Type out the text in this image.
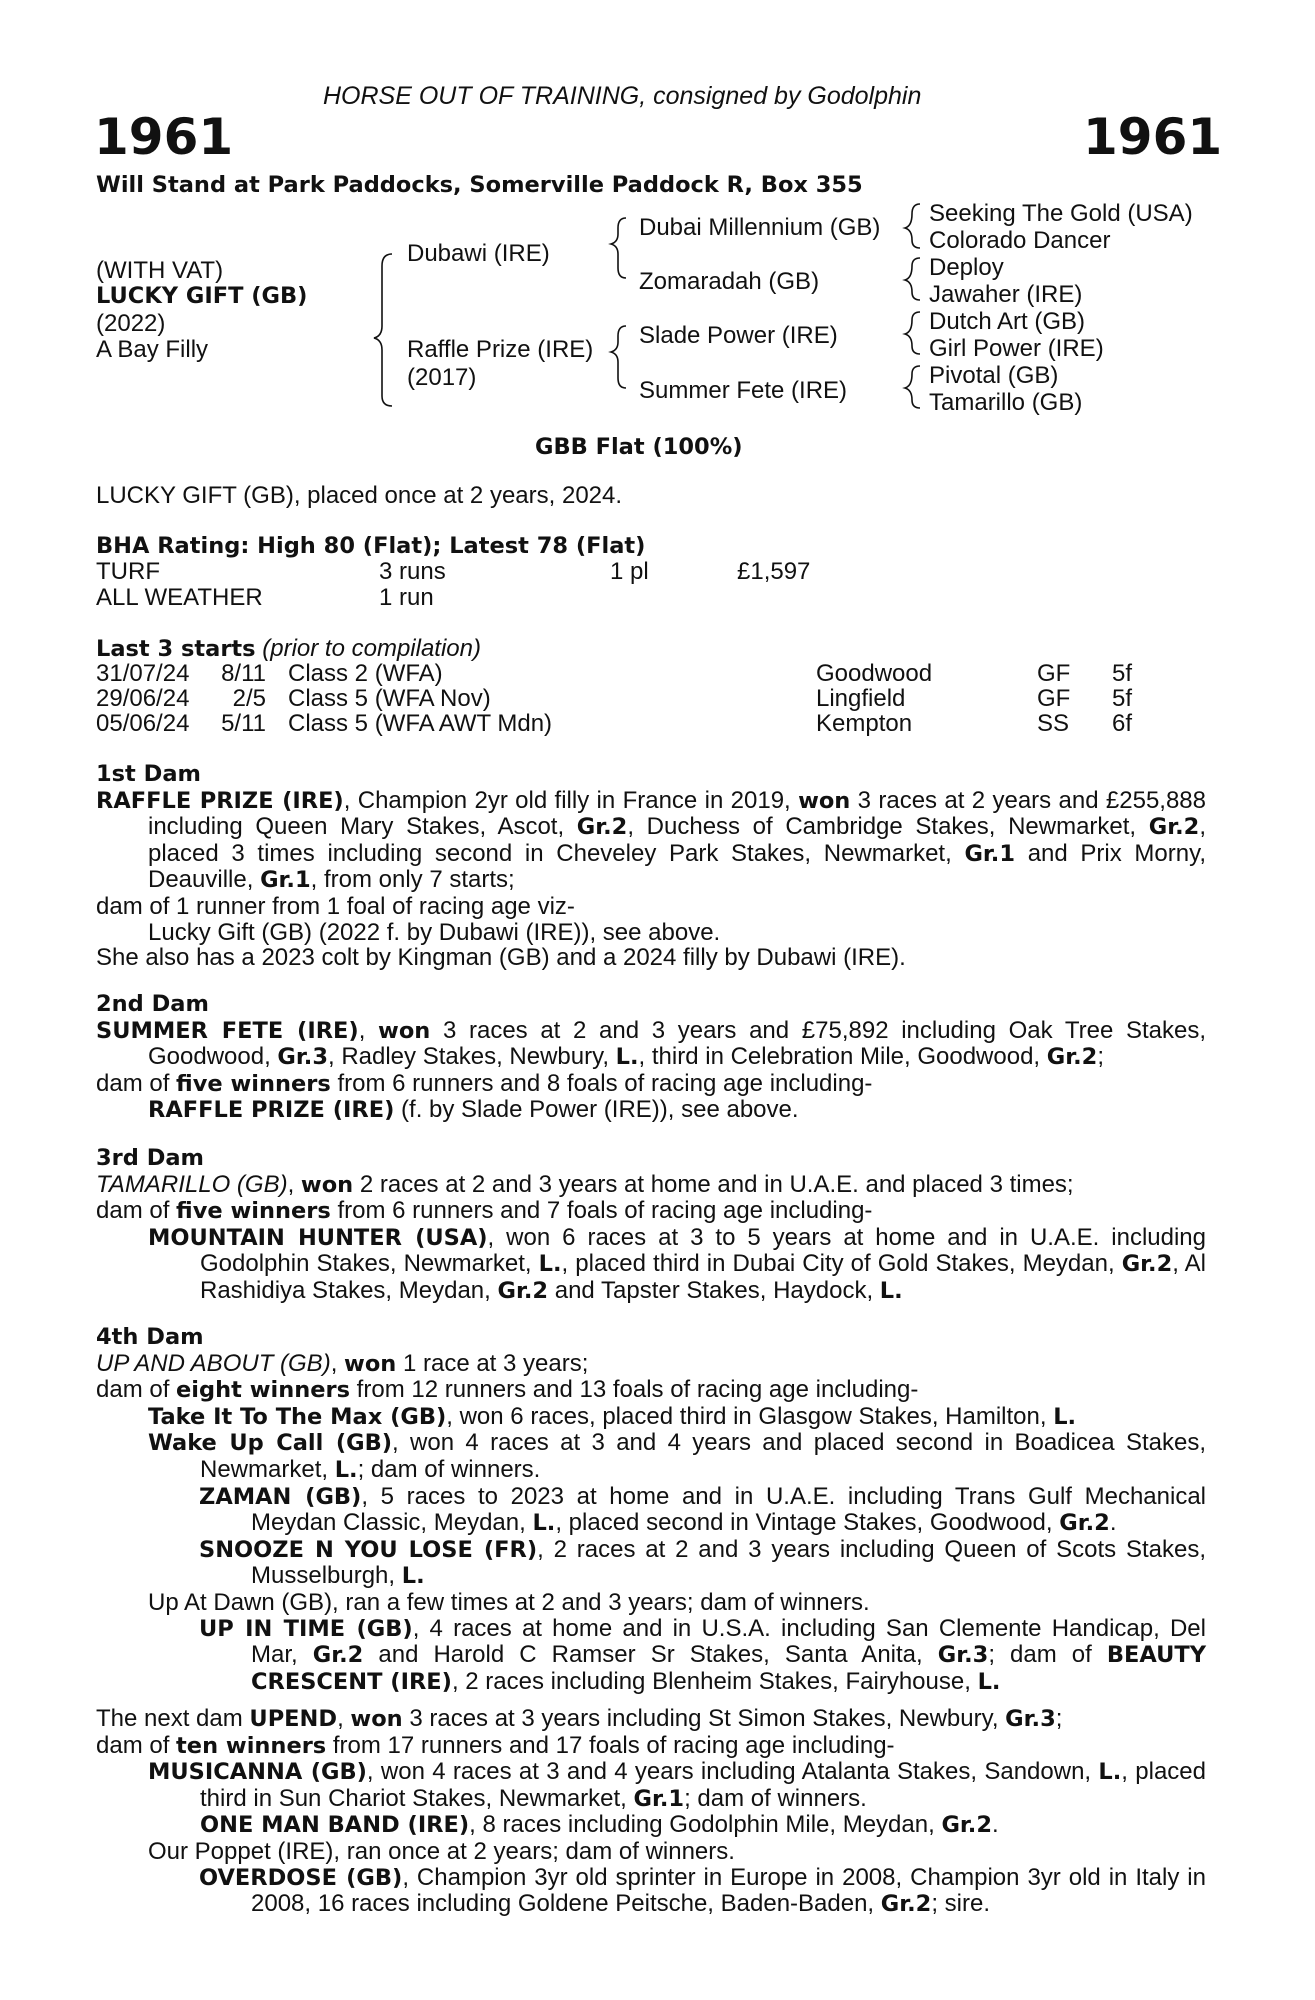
HORSE OUT OF TRAINING, consigned by Godolphin
1961	1961
Will Stand at Park Paddocks, Somerville Paddock R, Box 355
(WITH VAT)
LUCKY GIFT (GB)
(2022)
A Bay Filly
Dubawi (IRE)
Raffle Prize (IRE)
(2017)
Dubai Millennium (GB)
Zomaradah (GB)
Slade Power (IRE)
Summer Fete (IRE)
Seeking The Gold (USA)
Colorado Dancer
Deploy
Jawaher (IRE)
Dutch Art (GB)
Girl Power (IRE)
Pivotal (GB)
Tamarillo (GB)
GBB Flat (100%)
LUCKY GIFT (GB), placed once at 2 years, 2024.
BHA Rating: High 80 (Flat); Latest 78 (Flat)
TURF	3 runs	1 pl	£1,597
ALL WEATHER	1 run
Last 3 starts (prior to compilation)
31/07/24	8/11 Class 2 (WFA)	Goodwood	GF 5f
29/06/24	2/5 Class 5 (WFA Nov)	Lingfield	GF 5f
05/06/24	5/11 Class 5 (WFA AWT Mdn)	Kempton	SS 6f

1st Dam

RAFFLE PRIZE (IRE), Champion 2yr old filly in France in 2019, won 3 races at 2 years and £255,888 including Queen Mary Stakes, Ascot, Gr.2, Duchess of Cambridge Stakes, Newmarket, Gr.2, placed 3 times including second in Cheveley Park Stakes, Newmarket, Gr.1 and Prix Morny, Deauville, Gr.1, from only 7 starts;

dam of 1 runner from 1 foal of racing age viz-

Lucky Gift (GB) (2022 f. by Dubawi (IRE)), see above.

She also has a 2023 colt by Kingman (GB) and a 2024 filly by Dubawi (IRE).

2nd Dam

SUMMER FETE (IRE), won 3 races at 2 and 3 years and £75,892 including Oak Tree Stakes, Goodwood, Gr.3, Radley Stakes, Newbury, L., third in Celebration Mile, Goodwood, Gr.2;

dam of five winners from 6 runners and 8 foals of racing age including-

RAFFLE PRIZE (IRE) (f. by Slade Power (IRE)), see above.

3rd Dam

TAMARILLO (GB), won 2 races at 2 and 3 years at home and in U.A.E. and placed 3 times;

dam of five winners from 6 runners and 7 foals of racing age including-

MOUNTAIN HUNTER (USA), won 6 races at 3 to 5 years at home and in U.A.E. including Godolphin Stakes, Newmarket, L., placed third in Dubai City of Gold Stakes, Meydan, Gr.2, Al Rashidiya Stakes, Meydan, Gr.2 and Tapster Stakes, Haydock, L.

4th Dam

UP AND ABOUT (GB), won 1 race at 3 years;

dam of eight winners from 12 runners and 13 foals of racing age including-

Take It To The Max (GB), won 6 races, placed third in Glasgow Stakes, Hamilton, L.

Wake Up Call (GB), won 4 races at 3 and 4 years and placed second in Boadicea Stakes, Newmarket, L.; dam of winners.

ZAMAN (GB), 5 races to 2023 at home and in U.A.E. including Trans Gulf Mechanical Meydan Classic, Meydan, L., placed second in Vintage Stakes, Goodwood, Gr.2.

SNOOZE N YOU LOSE (FR), 2 races at 2 and 3 years including Queen of Scots Stakes, Musselburgh, L.

Up At Dawn (GB), ran a few times at 2 and 3 years; dam of winners.

UP IN TIME (GB), 4 races at home and in U.S.A. including San Clemente Handicap, Del Mar, Gr.2 and Harold C Ramser Sr Stakes, Santa Anita, Gr.3; dam of BEAUTY CRESCENT (IRE), 2 races including Blenheim Stakes, Fairyhouse, L.

The next dam UPEND, won 3 races at 3 years including St Simon Stakes, Newbury, Gr.3;

dam of ten winners from 17 runners and 17 foals of racing age including-

MUSICANNA (GB), won 4 races at 3 and 4 years including Atalanta Stakes, Sandown, L., placed third in Sun Chariot Stakes, Newmarket, Gr.1; dam of winners.

ONE MAN BAND (IRE), 8 races including Godolphin Mile, Meydan, Gr.2.

Our Poppet (IRE), ran once at 2 years; dam of winners.

OVERDOSE (GB), Champion 3yr old sprinter in Europe in 2008, Champion 3yr old in Italy in 2008, 16 races including Goldene Peitsche, Baden-Baden, Gr.2; sire.
